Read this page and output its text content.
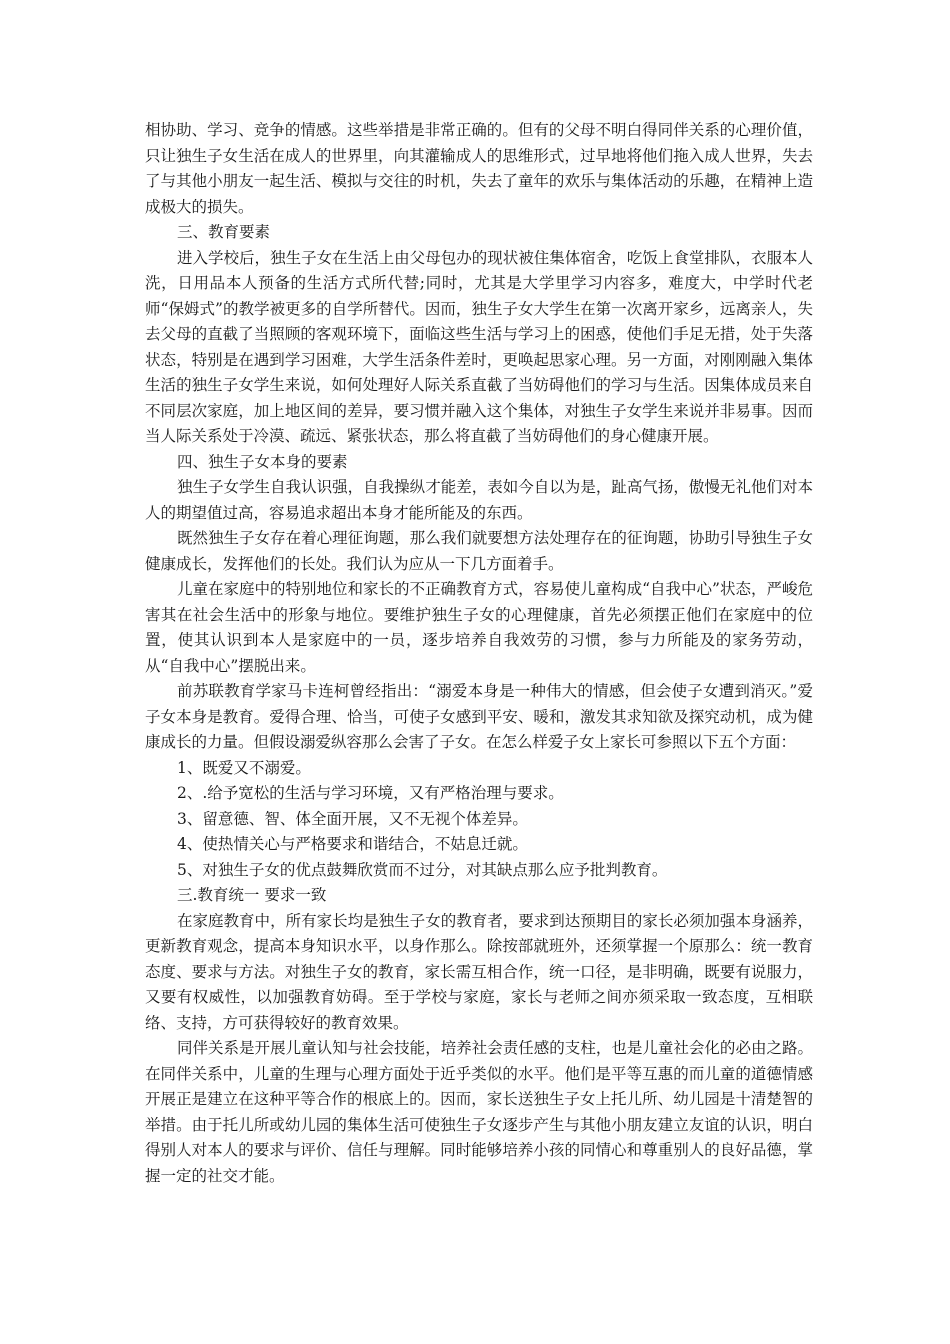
相协助、学习、竞争的情感。这些举措是非常正确的。但有的父母不明白得同伴关系的心理价值，只让独生子女生活在成人的世界里，向其灌输成人的思维形式，过早地将他们拖入成人世界，失去了与其他小朋友一起生活、模拟与交往的时机，失去了童年的欢乐与集体活动的乐趣，在精神上造成极大的损失。

三、教育要素

进入学校后，独生子女在生活上由父母包办的现状被住集体宿舍，吃饭上食堂排队，衣服本人洗，日用品本人预备的生活方式所代替;同时，尤其是大学里学习内容多，难度大，中学时代老师“保姆式”的教学被更多的自学所替代。因而，独生子女大学生在第一次离开家乡，远离亲人，失去父母的直截了当照顾的客观环境下，面临这些生活与学习上的困惑，使他们手足无措，处于失落状态，特别是在遇到学习困难，大学生活条件差时，更唤起思家心理。另一方面，对刚刚融入集体生活的独生子女学生来说，如何处理好人际关系直截了当妨碍他们的学习与生活。因集体成员来自不同层次家庭，加上地区间的差异，要习惯并融入这个集体，对独生子女学生来说并非易事。因而当人际关系处于冷漠、疏远、紧张状态，那么将直截了当妨碍他们的身心健康开展。

四、独生子女本身的要素

独生子女学生自我认识强，自我操纵才能差，表如今自以为是，趾高气扬，傲慢无礼他们对本人的期望值过高，容易追求超出本身才能所能及的东西。

既然独生子女存在着心理征询题，那么我们就要想方法处理存在的征询题，协助引导独生子女健康成长，发挥他们的长处。我们认为应从一下几方面着手。

儿童在家庭中的特别地位和家长的不正确教育方式，容易使儿童构成“自我中心”状态，严峻危害其在社会生活中的形象与地位。要维护独生子女的心理健康，首先必须摆正他们在家庭中的位置，使其认识到本人是家庭中的一员，逐步培养自我效劳的习惯，参与力所能及的家务劳动，从“自我中心”摆脱出来。

前苏联教育学家马卡连柯曾经指出：“溺爱本身是一种伟大的情感，但会使子女遭到消灭。”爱子女本身是教育。爱得合理、恰当，可使子女感到平安、暖和，激发其求知欲及探究动机，成为健康成长的力量。但假设溺爱纵容那么会害了子女。在怎么样爱子女上家长可参照以下五个方面：

1、既爱又不溺爱。

2、.给予宽松的生活与学习环境，又有严格治理与要求。

3、留意德、智、体全面开展，又不无视个体差异。

4、使热情关心与严格要求和谐结合，不姑息迁就。

5、对独生子女的优点鼓舞欣赏而不过分，对其缺点那么应予批判教育。

三.教育统一 要求一致

在家庭教育中，所有家长均是独生子女的教育者，要求到达预期目的家长必须加强本身涵养，更新教育观念，提高本身知识水平，以身作那么。除按部就班外，还须掌握一个原那么：统一教育态度、要求与方法。对独生子女的教育，家长需互相合作，统一口径，是非明确，既要有说服力，又要有权威性，以加强教育妨碍。至于学校与家庭，家长与老师之间亦须采取一致态度，互相联络、支持，方可获得较好的教育效果。

同伴关系是开展儿童认知与社会技能，培养社会责任感的支柱，也是儿童社会化的必由之路。在同伴关系中，儿童的生理与心理方面处于近乎类似的水平。他们是平等互惠的而儿童的道德情感开展正是建立在这种平等合作的根底上的。因而，家长送独生子女上托儿所、幼儿园是十清楚智的举措。由于托儿所或幼儿园的集体生活可使独生子女逐步产生与其他小朋友建立友谊的认识，明白得别人对本人的要求与评价、信任与理解。同时能够培养小孩的同情心和尊重别人的良好品德，掌握一定的社交才能。
